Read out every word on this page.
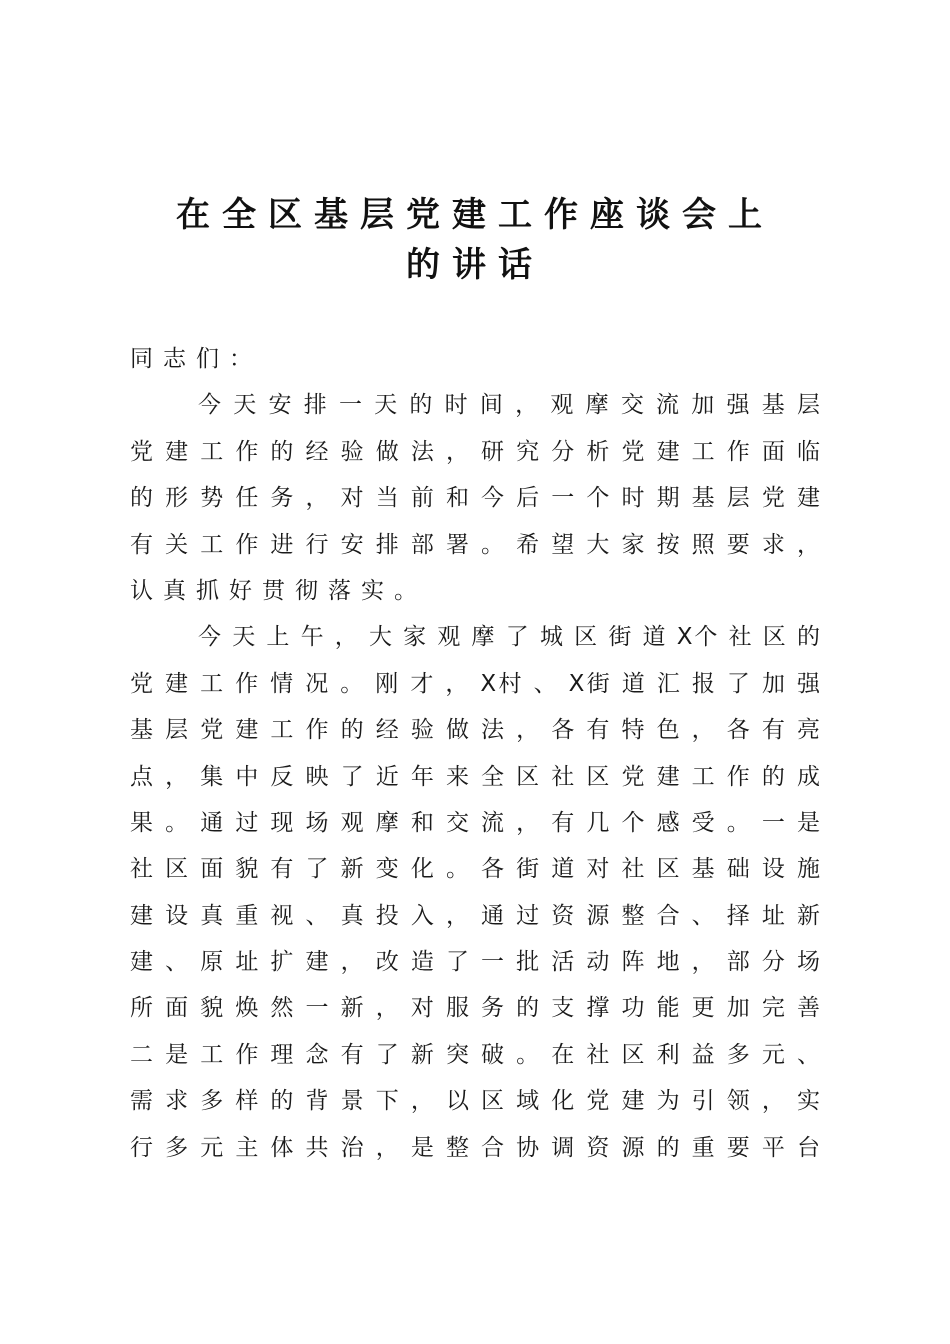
在全区基层党建工作座谈会上
的讲话
同志们：
今 天 安 排 一 天 的 时 间 ， 观 摩 交 流 加 强 基 层
党 建 工 作 的 经 验 做 法 ， 研 究 分 析 党 建 工 作 面 临
的 形 势 任 务 ， 对 当 前 和 今 后 一 个 时 期 基 层 党 建
有 关 工 作 进 行 安 排 部 署 。 希 望 大 家 按 照 要 求 ，
认真抓好贯彻落实。
今 天 上 午 ， 大 家 观 摩 了 城 区 街 道 X个 社 区 的
党 建 工 作 情 况 。 刚 才 ， X村 、 X街 道 汇 报 了 加 强
基 层 党 建 工 作 的 经 验 做 法 ， 各 有 特 色 ， 各 有 亮
点 ， 集 中 反 映 了 近 年 来 全 区 社 区 党 建 工 作 的 成
果 。 通 过 现 场 观 摩 和 交 流 ， 有 几 个 感 受 。 一 是
社 区 面 貌 有 了 新 变 化 。 各 街 道 对 社 区 基 础 设 施
建 设 真 重 视 、 真 投 入 ， 通 过 资 源 整 合 、 择 址 新
建 、 原 址 扩 建 ， 改 造 了 一 批 活 动 阵 地 ， 部 分 场
所 面 貌 焕 然 一 新 ， 对 服 务 的 支 撑 功 能 更 加 完 善
二 是 工 作 理 念 有 了 新 突 破 。 在 社 区 利 益 多 元 、
需 求 多 样 的 背 景 下 ， 以 区 域 化 党 建 为 引 领 ， 实
行 多 元 主 体 共 治 ， 是 整 合 协 调 资 源 的 重 要 平 台
